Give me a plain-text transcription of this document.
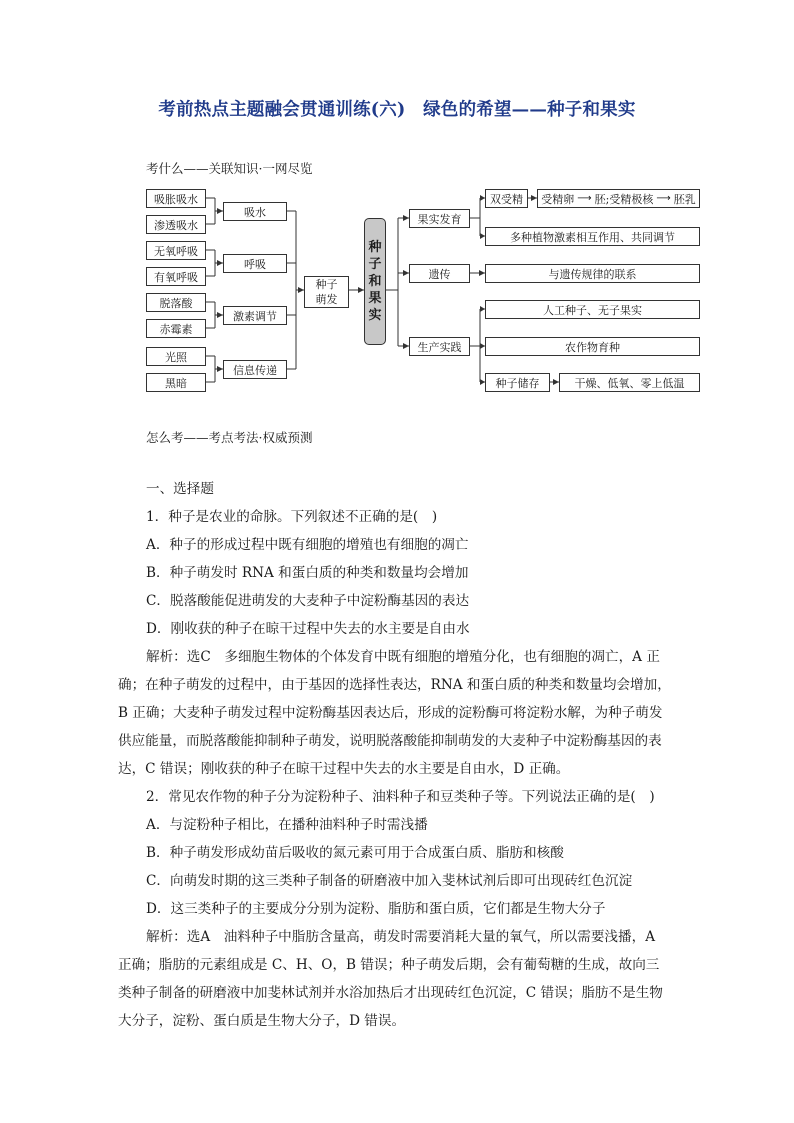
考前热点主题融会贯通训练(六)　绿色的希望——种子和果实
考什么——关联知识·一网尽览
吸胀吸水
渗透吸水
无氧呼吸
有氧呼吸
脱落酸
赤霉素
光照
黑暗
吸水
呼吸
激素调节
信息传递
种子
萌发
种
子
和
果
实
果实发育
遗传
生产实践
双受精	受精卵 ⟶ 胚;受精极核 ⟶ 胚乳
多种植物激素相互作用、共同调节
与遗传规律的联系
人工种子、无子果实
农作物育种
种子储存	干燥、低氧、零上低温
怎么考——考点考法·权威预测

一、选择题

1．种子是农业的命脉。下列叙述不正确的是(　)

A．种子的形成过程中既有细胞的增殖也有细胞的凋亡

B．种子萌发时 RNA 和蛋白质的种类和数量均会增加

C．脱落酸能促进萌发的大麦种子中淀粉酶基因的表达

D．刚收获的种子在晾干过程中失去的水主要是自由水

解析：选C　多细胞生物体的个体发育中既有细胞的增殖分化，也有细胞的凋亡，A 正

确；在种子萌发的过程中，由于基因的选择性表达，RNA 和蛋白质的种类和数量均会增加，

B 正确；大麦种子萌发过程中淀粉酶基因表达后，形成的淀粉酶可将淀粉水解，为种子萌发

供应能量，而脱落酸能抑制种子萌发，说明脱落酸能抑制萌发的大麦种子中淀粉酶基因的表

达，C 错误；刚收获的种子在晾干过程中失去的水主要是自由水，D 正确。

2．常见农作物的种子分为淀粉种子、油料种子和豆类种子等。下列说法正确的是(　)

A．与淀粉种子相比，在播种油料种子时需浅播

B．种子萌发形成幼苗后吸收的氮元素可用于合成蛋白质、脂肪和核酸

C．向萌发时期的这三类种子制备的研磨液中加入斐林试剂后即可出现砖红色沉淀

D．这三类种子的主要成分分别为淀粉、脂肪和蛋白质，它们都是生物大分子

解析：选A　油料种子中脂肪含量高，萌发时需要消耗大量的氧气，所以需要浅播，A

正确；脂肪的元素组成是 C、H、O，B 错误；种子萌发后期，会有葡萄糖的生成，故向三

类种子制备的研磨液中加斐林试剂并水浴加热后才出现砖红色沉淀，C 错误；脂肪不是生物

大分子，淀粉、蛋白质是生物大分子，D 错误。
